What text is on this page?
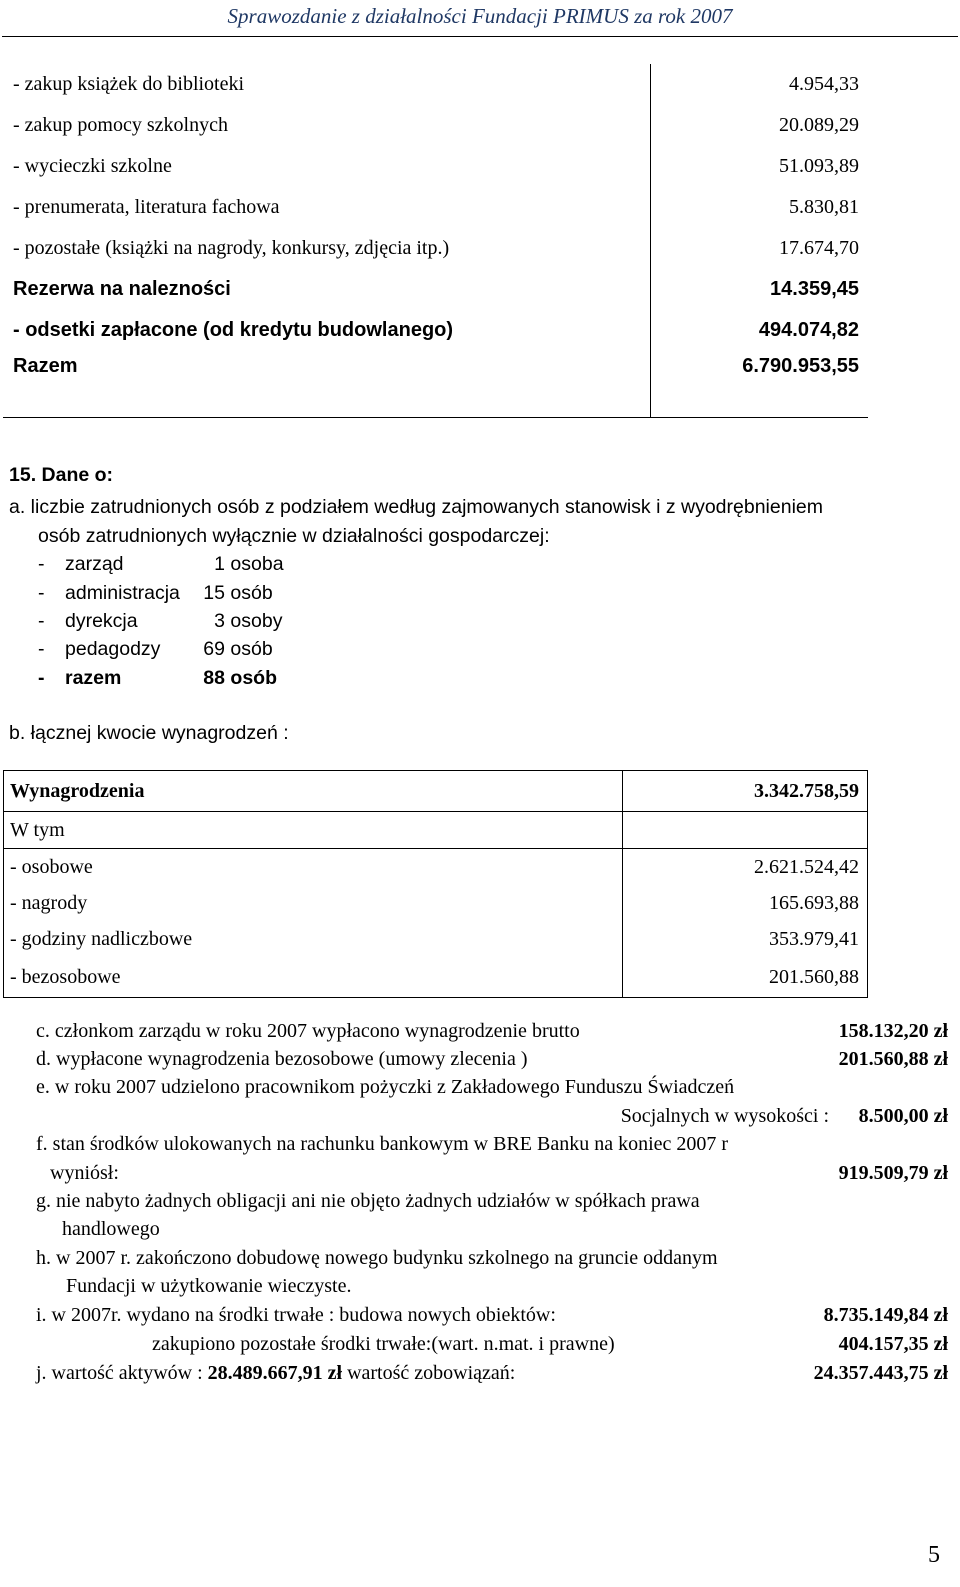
Sprawozdanie z działalności Fundacji PRIMUS za rok 2007
- zakup książek do biblioteki	4.954,33
- zakup pomocy szkolnych	20.089,29
- wycieczki szkolne	51.093,89
- prenumerata, literatura fachowa	5.830,81
- pozostałe (książki na nagrody, konkursy, zdjęcia itp.)	17.674,70
Rezerwa na nalezności	14.359,45
- odsetki zapłacone (od kredytu budowlanego)	494.074,82
Razem	6.790.953,55
15. Dane o:
a. liczbie zatrudnionych osób z podziałem według zajmowanych stanowisk i z wyodrębnieniem
osób zatrudnionych wyłącznie w działalności gospodarczej:
- zarząd	1 osoba
- administracja 15 osób
- dyrekcja	3 osoby
- pedagodzy 69 osób
- razem	88 osób
b. łącznej kwocie wynagrodzeń :
Wynagrodzenia	3.342.758,59
W tym	
- osobowe	2.621.524,42
- nagrody	165.693,88
- godziny nadliczbowe	353.979,41
- bezosobowe	201.560,88
c. członkom zarządu w roku 2007 wypłacono wynagrodzenie brutto	158.132,20 zł
d. wypłacone wynagrodzenia bezosobowe (umowy zlecenia )	201.560,88 zł
e. w roku 2007 udzielono pracownikom pożyczki z Zakładowego Funduszu Świadczeń
Socjalnych w wysokości : 8.500,00 zł
f. stan środków ulokowanych na rachunku bankowym w BRE Banku na koniec 2007 r
wyniósł:	919.509,79 zł
g. nie nabyto żadnych obligacji ani nie objęto żadnych udziałów w spółkach prawa
handlowego
h. w 2007 r. zakończono dobudowę nowego budynku szkolnego na gruncie oddanym
Fundacji w użytkowanie wieczyste.
i. w 2007r. wydano na środki trwałe : budowa nowych obiektów:	8.735.149,84 zł
zakupiono pozostałe środki trwałe:(wart. n.mat. i prawne)	404.157,35 zł
j. wartość aktywów : 28.489.667,91 zł wartość zobowiązań:	24.357.443,75 zł
5
